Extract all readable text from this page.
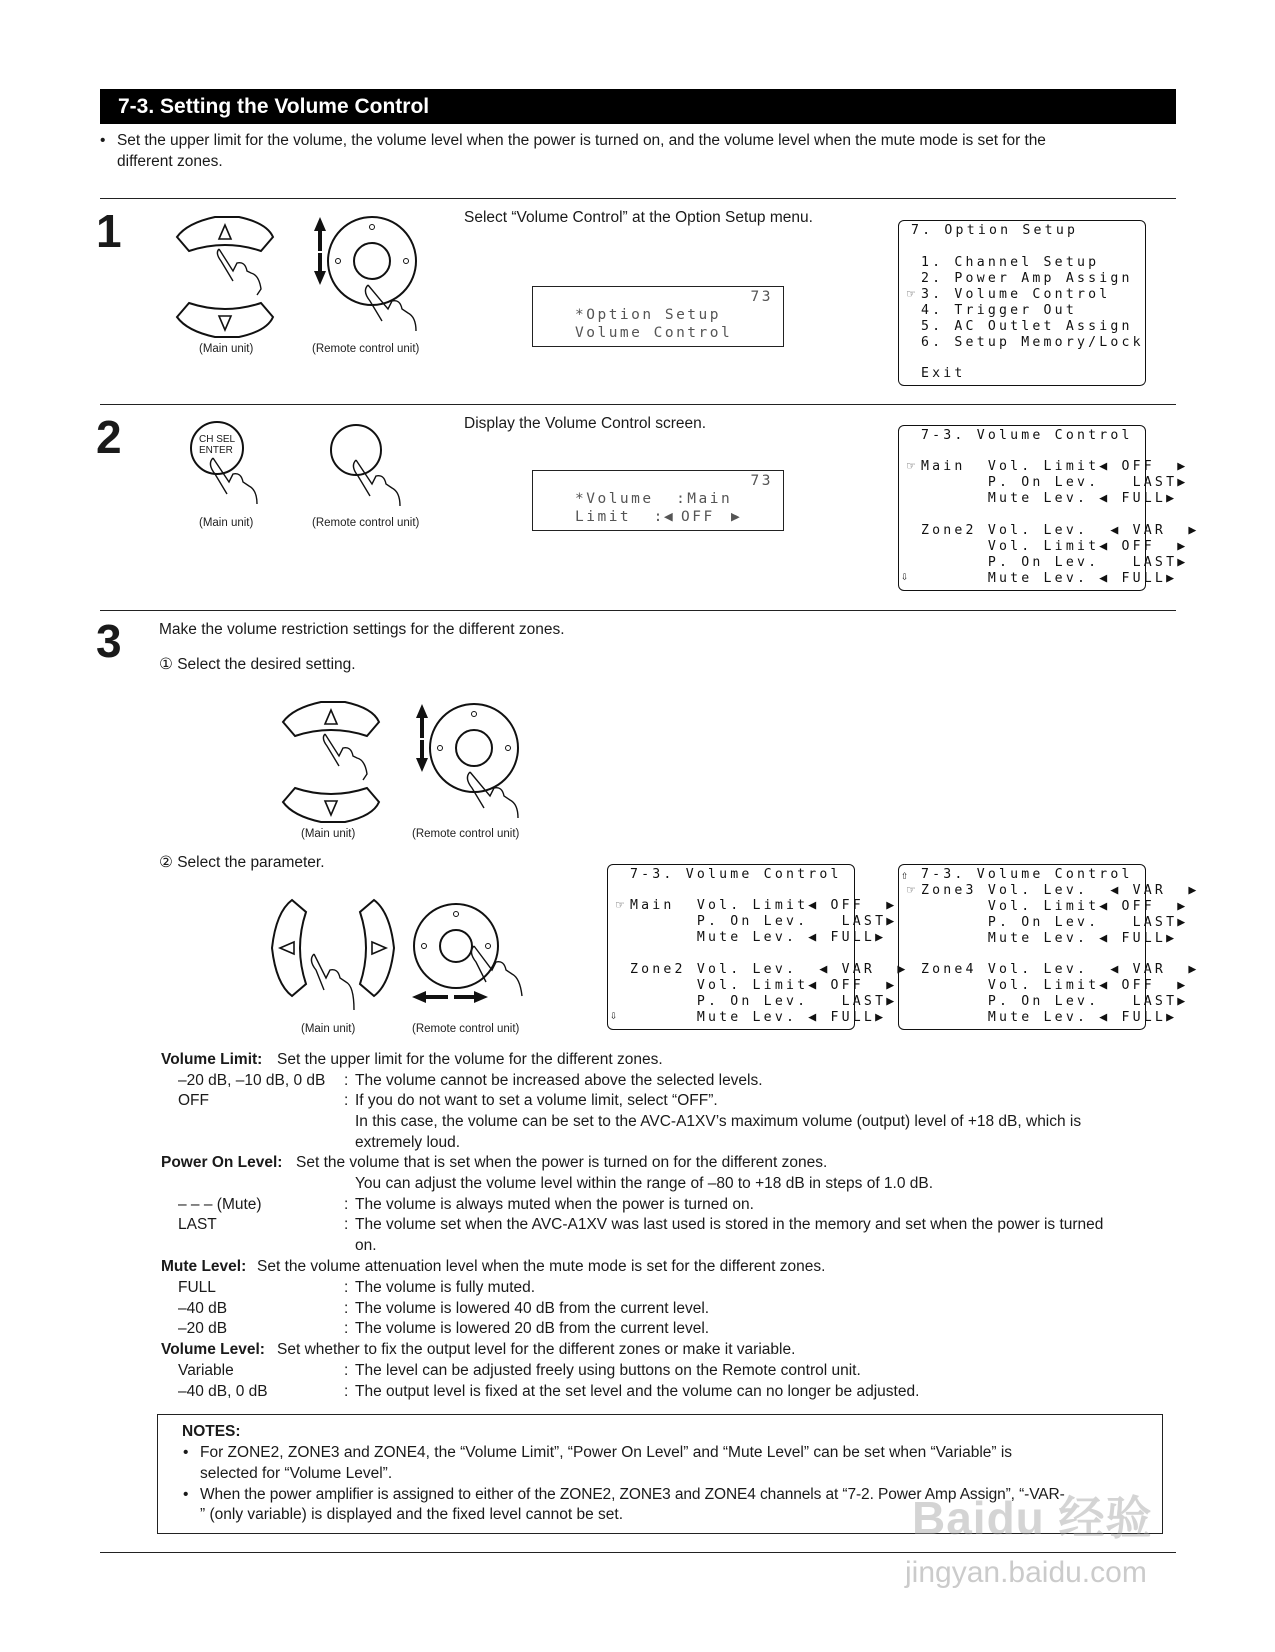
7-3. Setting the Volume Control
• Set the upper limit for the volume, the volume level when the power is turned on, and the volume level when the mute mode is set for the
different zones.
1
(Main unit)	(Remote control unit)
Select “Volume Control” at the Option Setup menu.
73
*Option Setup
Volume Control
7. Option Setup
1. Channel Setup
2. Power Amp Assign
☞ 3. Volume Control
4. Trigger Out
5. AC Outlet Assign
6. Setup Memory/Lock
Exit
2	CH SEL
ENTER
(Main unit)	(Remote control unit)
Display the Volume Control screen.
73
*Volume  :Main
Limit  : ◀ OFF ▶
7-3. Volume Control
☞ Main  Vol. Limit◀ OFF  ▶
P. On Lev.   LAST▶
Mute Lev. ◀ FULL▶
Zone2 Vol. Lev.  ◀ VAR  ▶
Vol. Limit◀ OFF  ▶
P. On Lev.   LAST▶
Mute Lev. ◀ FULL▶
⇩
3 Make the volume restriction settings for the different zones.
① Select the desired setting.
(Main unit)	(Remote control unit)
② Select the parameter.
(Main unit)	(Remote control unit)
7-3. Volume Control
☞ Main  Vol. Limit◀ OFF  ▶
P. On Lev.   LAST▶
Mute Lev. ◀ FULL▶
Zone2 Vol. Lev.  ◀ VAR  ▶
Vol. Limit◀ OFF  ▶
P. On Lev.   LAST▶
Mute Lev. ◀ FULL▶
⇩
⇧ 7-3. Volume Control
☞ Zone3 Vol. Lev.  ◀ VAR  ▶
Vol. Limit◀ OFF  ▶
P. On Lev.   LAST▶
Mute Lev. ◀ FULL▶
Zone4 Vol. Lev.  ◀ VAR  ▶
Vol. Limit◀ OFF  ▶
P. On Lev.   LAST▶
Mute Lev. ◀ FULL▶
Volume Limit: Set the upper limit for the volume for the different zones.
–20 dB, –10 dB, 0 dB : The volume cannot be increased above the selected levels.
OFF	: If you do not want to set a volume limit, select “OFF”.
In this case, the volume can be set to the AVC-A1XV’s maximum volume (output) level of +18 dB, which is
extremely loud.
Power On Level: Set the volume that is set when the power is turned on for the different zones.
You can adjust the volume level within the range of –80 to +18 dB in steps of 1.0 dB.
– – – (Mute)	: The volume is always muted when the power is turned on.
LAST	: The volume set when the AVC-A1XV was last used is stored in the memory and set when the power is turned
on.
Mute Level: Set the volume attenuation level when the mute mode is set for the different zones.
FULL	: The volume is fully muted.
–40 dB	: The volume is lowered 40 dB from the current level.
–20 dB	: The volume is lowered 20 dB from the current level.
Volume Level: Set whether to fix the output level for the different zones or make it variable.
Variable	: The level can be adjusted freely using buttons on the Remote control unit.
–40 dB, 0 dB	: The output level is fixed at the set level and the volume can no longer be adjusted.
NOTES:
• For ZONE2, ZONE3 and ZONE4, the “Volume Limit”, “Power On Level” and “Mute Level” can be set when “Variable” is
selected for “Volume Level”.
• When the power amplifier is assigned to either of the ZONE2, ZONE3 and ZONE4 channels at “7-2. Power Amp Assign”, “-VAR-
” (only variable) is displayed and the fixed level cannot be set.	Baidu 经验
jingyan.baidu.com
